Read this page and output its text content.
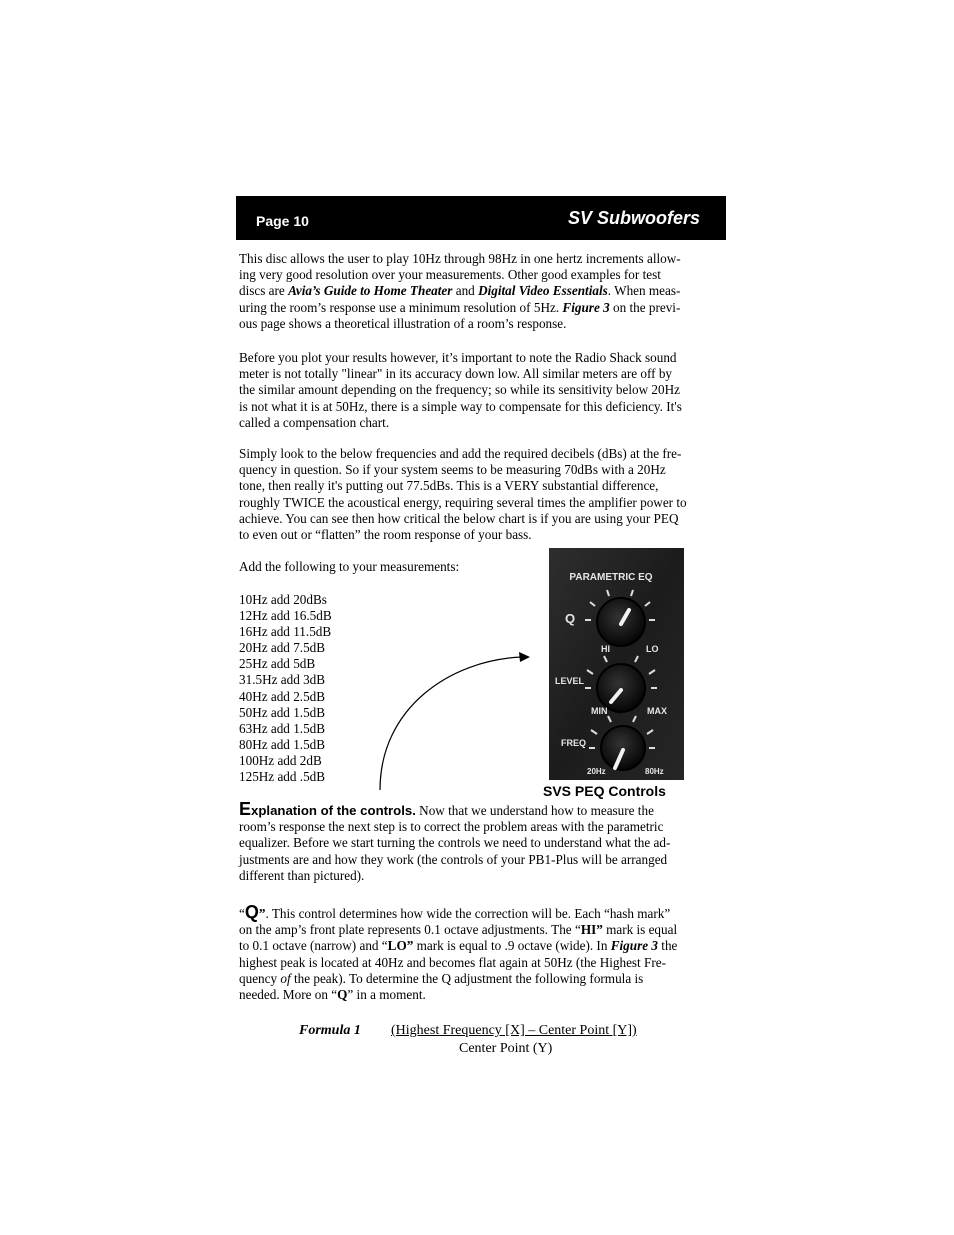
Page 10	SV Subwoofers

This disc allows the user to play 10Hz through 98Hz in one hertz increments allow-
ing very good resolution over your measurements. Other good examples for test
discs are Avia’s Guide to Home Theater and Digital Video Essentials. When meas-
uring the room’s response use a minimum resolution of 5Hz. Figure 3 on the previ-
ous page shows a theoretical illustration of a room’s response.

Before you plot your results however, it’s important to note the Radio Shack sound
meter is not totally "linear" in its accuracy down low. All similar meters are off by
the similar amount depending on the frequency; so while its sensitivity below 20Hz
is not what it is at 50Hz, there is a simple way to compensate for this deficiency. It's
called a compensation chart.

Simply look to the below frequencies and add the required decibels (dBs) at the fre-
quency in question. So if your system seems to be measuring 70dBs with a 20Hz
tone, then really it's putting out 77.5dBs. This is a VERY substantial difference,
roughly TWICE the acoustical energy, requiring several times the amplifier power to
achieve. You can see then how critical the below chart is if you are using your PEQ
to even out or “flatten” the room response of your bass.

Add the following to your measurements:

10Hz add 20dBs
12Hz add 16.5dB
16Hz add 11.5dB
20Hz add 7.5dB
25Hz add 5dB
31.5Hz add 3dB
40Hz add 2.5dB
50Hz add 1.5dB
63Hz add 1.5dB
80Hz add 1.5dB
100Hz add 2dB
125Hz add .5dB
PARAMETRIC EQ
Q
HI	LO
LEVEL
MIN	MAX
FREQ
20Hz	80Hz
SVS PEQ Controls

Explanation of the controls. Now that we understand how to measure the
room’s response the next step is to correct the problem areas with the parametric
equalizer. Before we start turning the controls we need to understand what the ad-
justments are and how they work (the controls of your PB1-Plus will be arranged
different than pictured).

“Q”. This control determines how wide the correction will be. Each “hash mark”
on the amp’s front plate represents 0.1 octave adjustments. The “HI” mark is equal
to 0.1 octave (narrow) and “LO” mark is equal to .9 octave (wide). In Figure 3 the
highest peak is located at 40Hz and becomes flat again at 50Hz (the Highest Fre-
quency of the peak). To determine the Q adjustment the following formula is
needed. More on “Q” in a moment.

Formula 1 (Highest Frequency [X] – Center Point [Y])
Center Point (Y)
